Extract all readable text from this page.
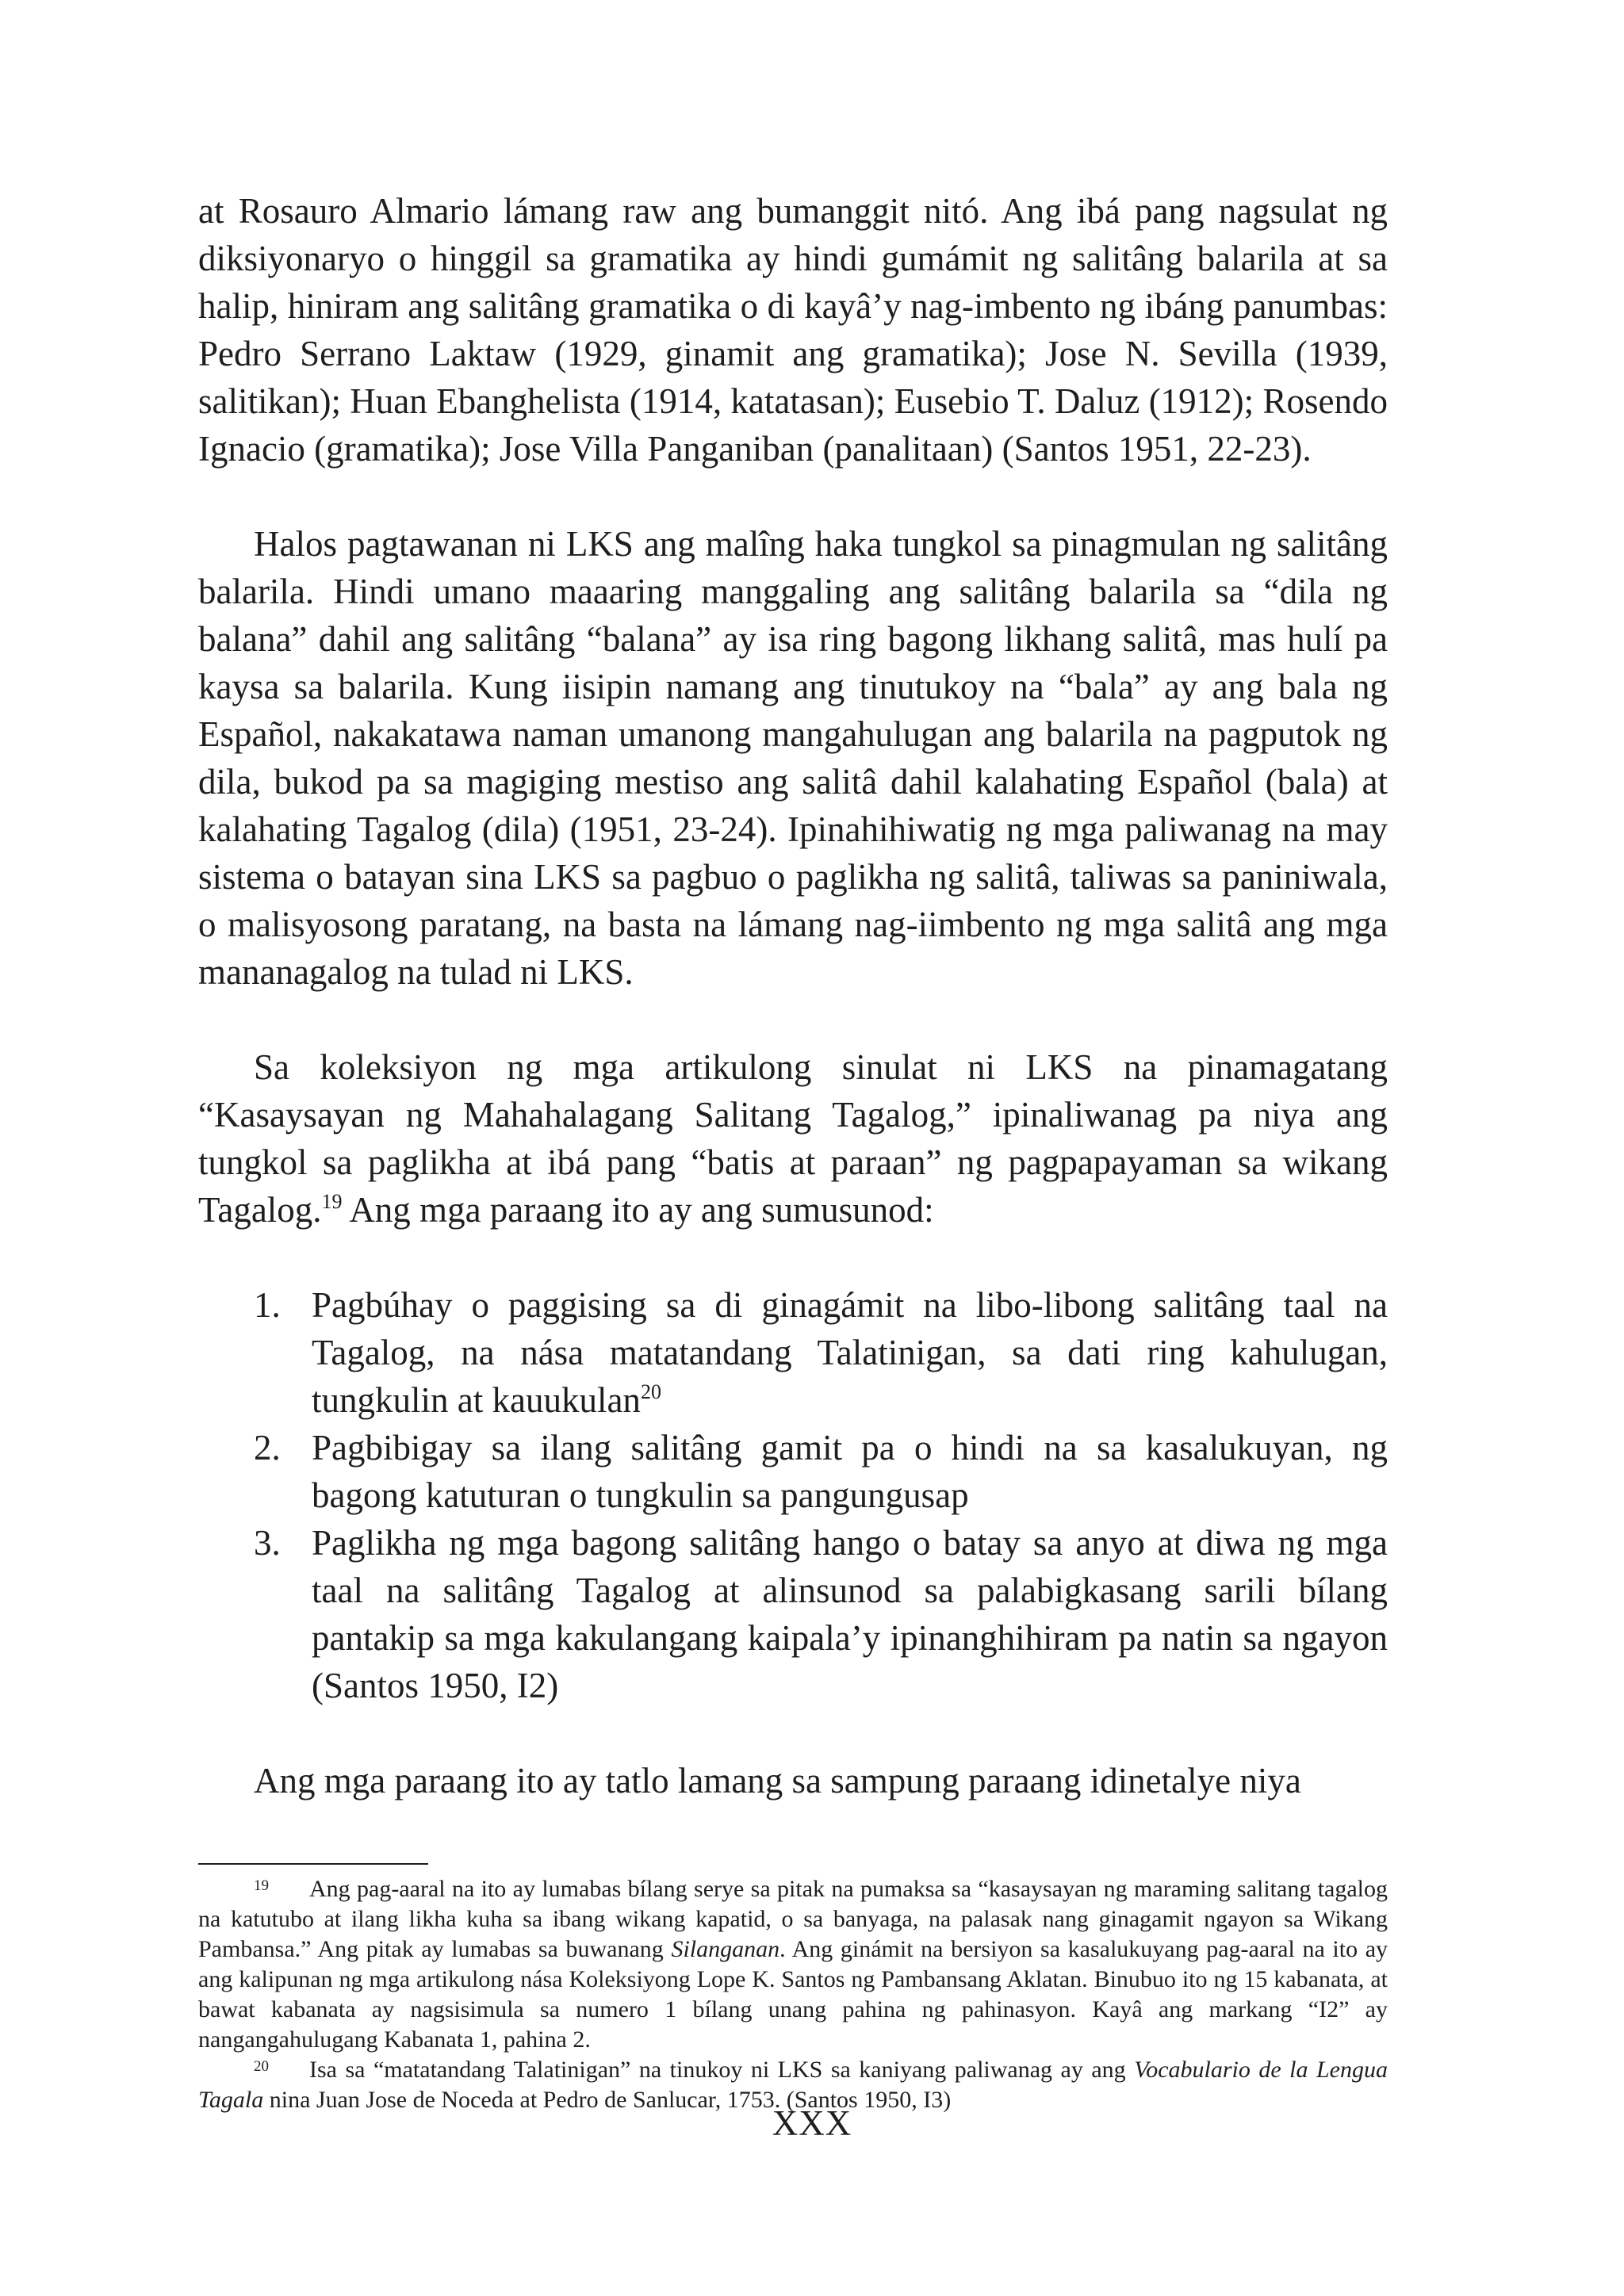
at Rosauro Almario lámang raw ang bumanggit nitó. Ang ibá pang nagsulat ng diksiyonaryo o hinggil sa gramatika ay hindi gumámit ng salitâng balarila at sa halip, hiniram ang salitâng gramatika o di kayâ’y nag-imbento ng ibáng panumbas: Pedro Serrano Laktaw (1929, ginamit ang gramatika); Jose N. Sevilla (1939, salitikan); Huan Ebanghelista (1914, katatasan); Eusebio T. Daluz (1912); Rosendo Ignacio (gramatika); Jose Villa Panganiban (panalitaan) (Santos 1951, 22-23).

Halos pagtawanan ni LKS ang malîng haka tungkol sa pinagmulan ng salitâng balarila. Hindi umano maaaring manggaling ang salitâng balarila sa “dila ng balana” dahil ang salitâng “balana” ay isa ring bagong likhang salitâ, mas hulí pa kaysa sa balarila. Kung iisipin namang ang tinutukoy na “bala” ay ang bala ng Español, nakakatawa naman umanong mangahulugan ang balarila na pagputok ng dila, bukod pa sa magiging mestiso ang salitâ dahil kalahating Español (bala) at kalahating Tagalog (dila) (1951, 23-24). Ipinahihiwatig ng mga paliwanag na may sistema o batayan sina LKS sa pagbuo o paglikha ng salitâ, taliwas sa paniniwala, o malisyosong paratang, na basta na lámang nag-iimbento ng mga salitâ ang mga mananagalog na tulad ni LKS.

Sa koleksiyon ng mga artikulong sinulat ni LKS na pinamagatang “Kasaysayan ng Mahahalagang Salitang Tagalog,” ipinaliwanag pa niya ang tungkol sa paglikha at ibá pang “batis at paraan” ng pagpapayaman sa wikang Tagalog.$^{19}$ Ang mga paraang ito ay ang sumusunod:

1. Pagbúhay o paggising sa di ginagámit na libo-libong salitâng taal na Tagalog, na nása matatandang Talatinigan, sa dati ring kahulugan, tungkulin at kauukulan$^{20}$
2. Pagbibigay sa ilang salitâng gamit pa o hindi na sa kasalukuyan, ng bagong katuturan o tungkulin sa pangungusap
3. Paglikha ng mga bagong salitâng hango o batay sa anyo at diwa ng mga taal na salitâng Tagalog at alinsunod sa palabigkasang sarili bílang pantakip sa mga kakulangang kaipala’y ipinanghihiram pa natin sa ngayon (Santos 1950, I2)

Ang mga paraang ito ay tatlo lamang sa sampung paraang idinetalye niya

19 Ang pag-aaral na ito ay lumabas bílang serye sa pitak na pumaksa sa “kasaysayan ng maraming salitang tagalog na katutubo at ilang likha kuha sa ibang wikang kapatid, o sa banyaga, na palasak nang ginagamit ngayon sa Wikang Pambansa.” Ang pitak ay lumabas sa buwanang Silanganan. Ang ginámit na bersiyon sa kasalukuyang pag-aaral na ito ay ang kalipunan ng mga artikulong nása Koleksiyong Lope K. Santos ng Pambansang Aklatan. Binubuo ito ng 15 kabanata, at bawat kabanata ay nagsisimula sa numero 1 bílang unang pahina ng pahinasyon. Kayâ ang markang “I2” ay nangangahulugang Kabanata 1, pahina 2.

20 Isa sa “matatandang Talatinigan” na tinukoy ni LKS sa kaniyang paliwanag ay ang Vocabulario de la Lengua Tagala nina Juan Jose de Noceda at Pedro de Sanlucar, 1753. (Santos 1950, I3)

XXX
